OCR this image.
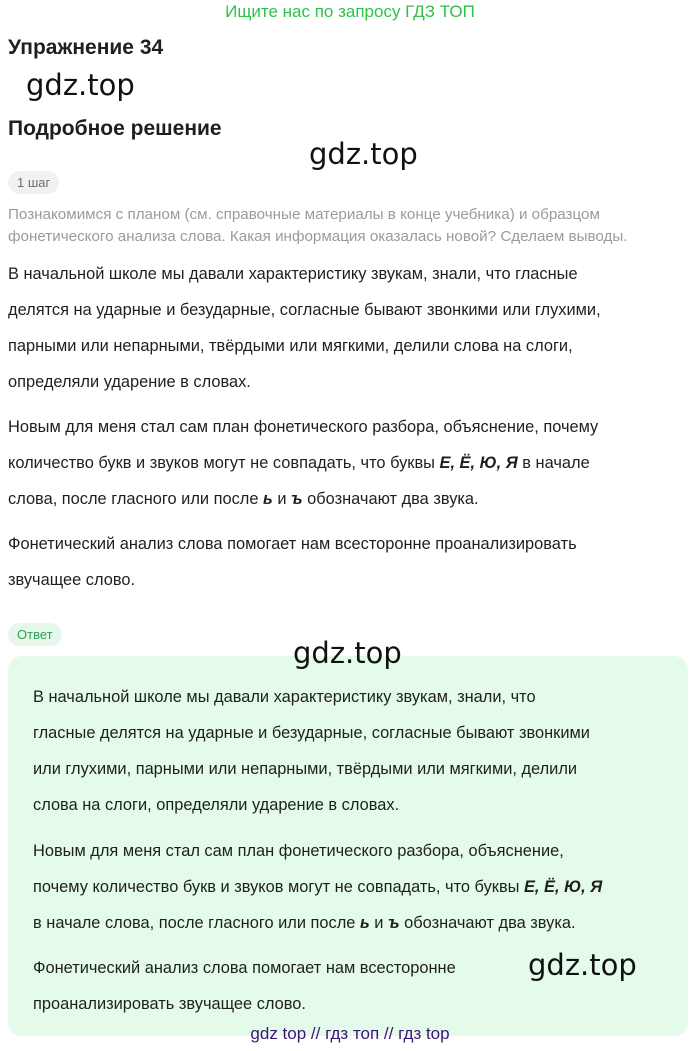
Ищите нас по запросу ГДЗ ТОП
Упражнение 34
gdz.top
Подробное решение
gdz.top
1 шаг
Познакомимся с планом (см. справочные материалы в конце учебника) и образцом фонетического анализа слова. Какая информация оказалась новой? Сделаем выводы.
В начальной школе мы давали характеристику звукам, знали, что гласные
делятся на ударные и безударные, согласные бывают звонкими или глухими,
парными или непарными, твёрдыми или мягкими, делили слова на слоги,
определяли ударение в словах.
Новым для меня стал сам план фонетического разбора, объяснение, почему
количество букв и звуков могут не совпадать, что буквы Е, Ё, Ю, Я в начале
слова, после гласного или после ь и ъ обозначают два звука.
Фонетический анализ слова помогает нам всесторонне проанализировать
звучащее слово.
Ответ
gdz.top
В начальной школе мы давали характеристику звукам, знали, что
гласные делятся на ударные и безударные, согласные бывают звонкими
или глухими, парными или непарными, твёрдыми или мягкими, делили
слова на слоги, определяли ударение в словах.
Новым для меня стал сам план фонетического разбора, объяснение,
почему количество букв и звуков могут не совпадать, что буквы Е, Ё, Ю, Я
в начале слова, после гласного или после ь и ъ обозначают два звука.
Фонетический анализ слова помогает нам всесторонне
проанализировать звучащее слово.
gdz.top
gdz top // гдз топ // гдз top
